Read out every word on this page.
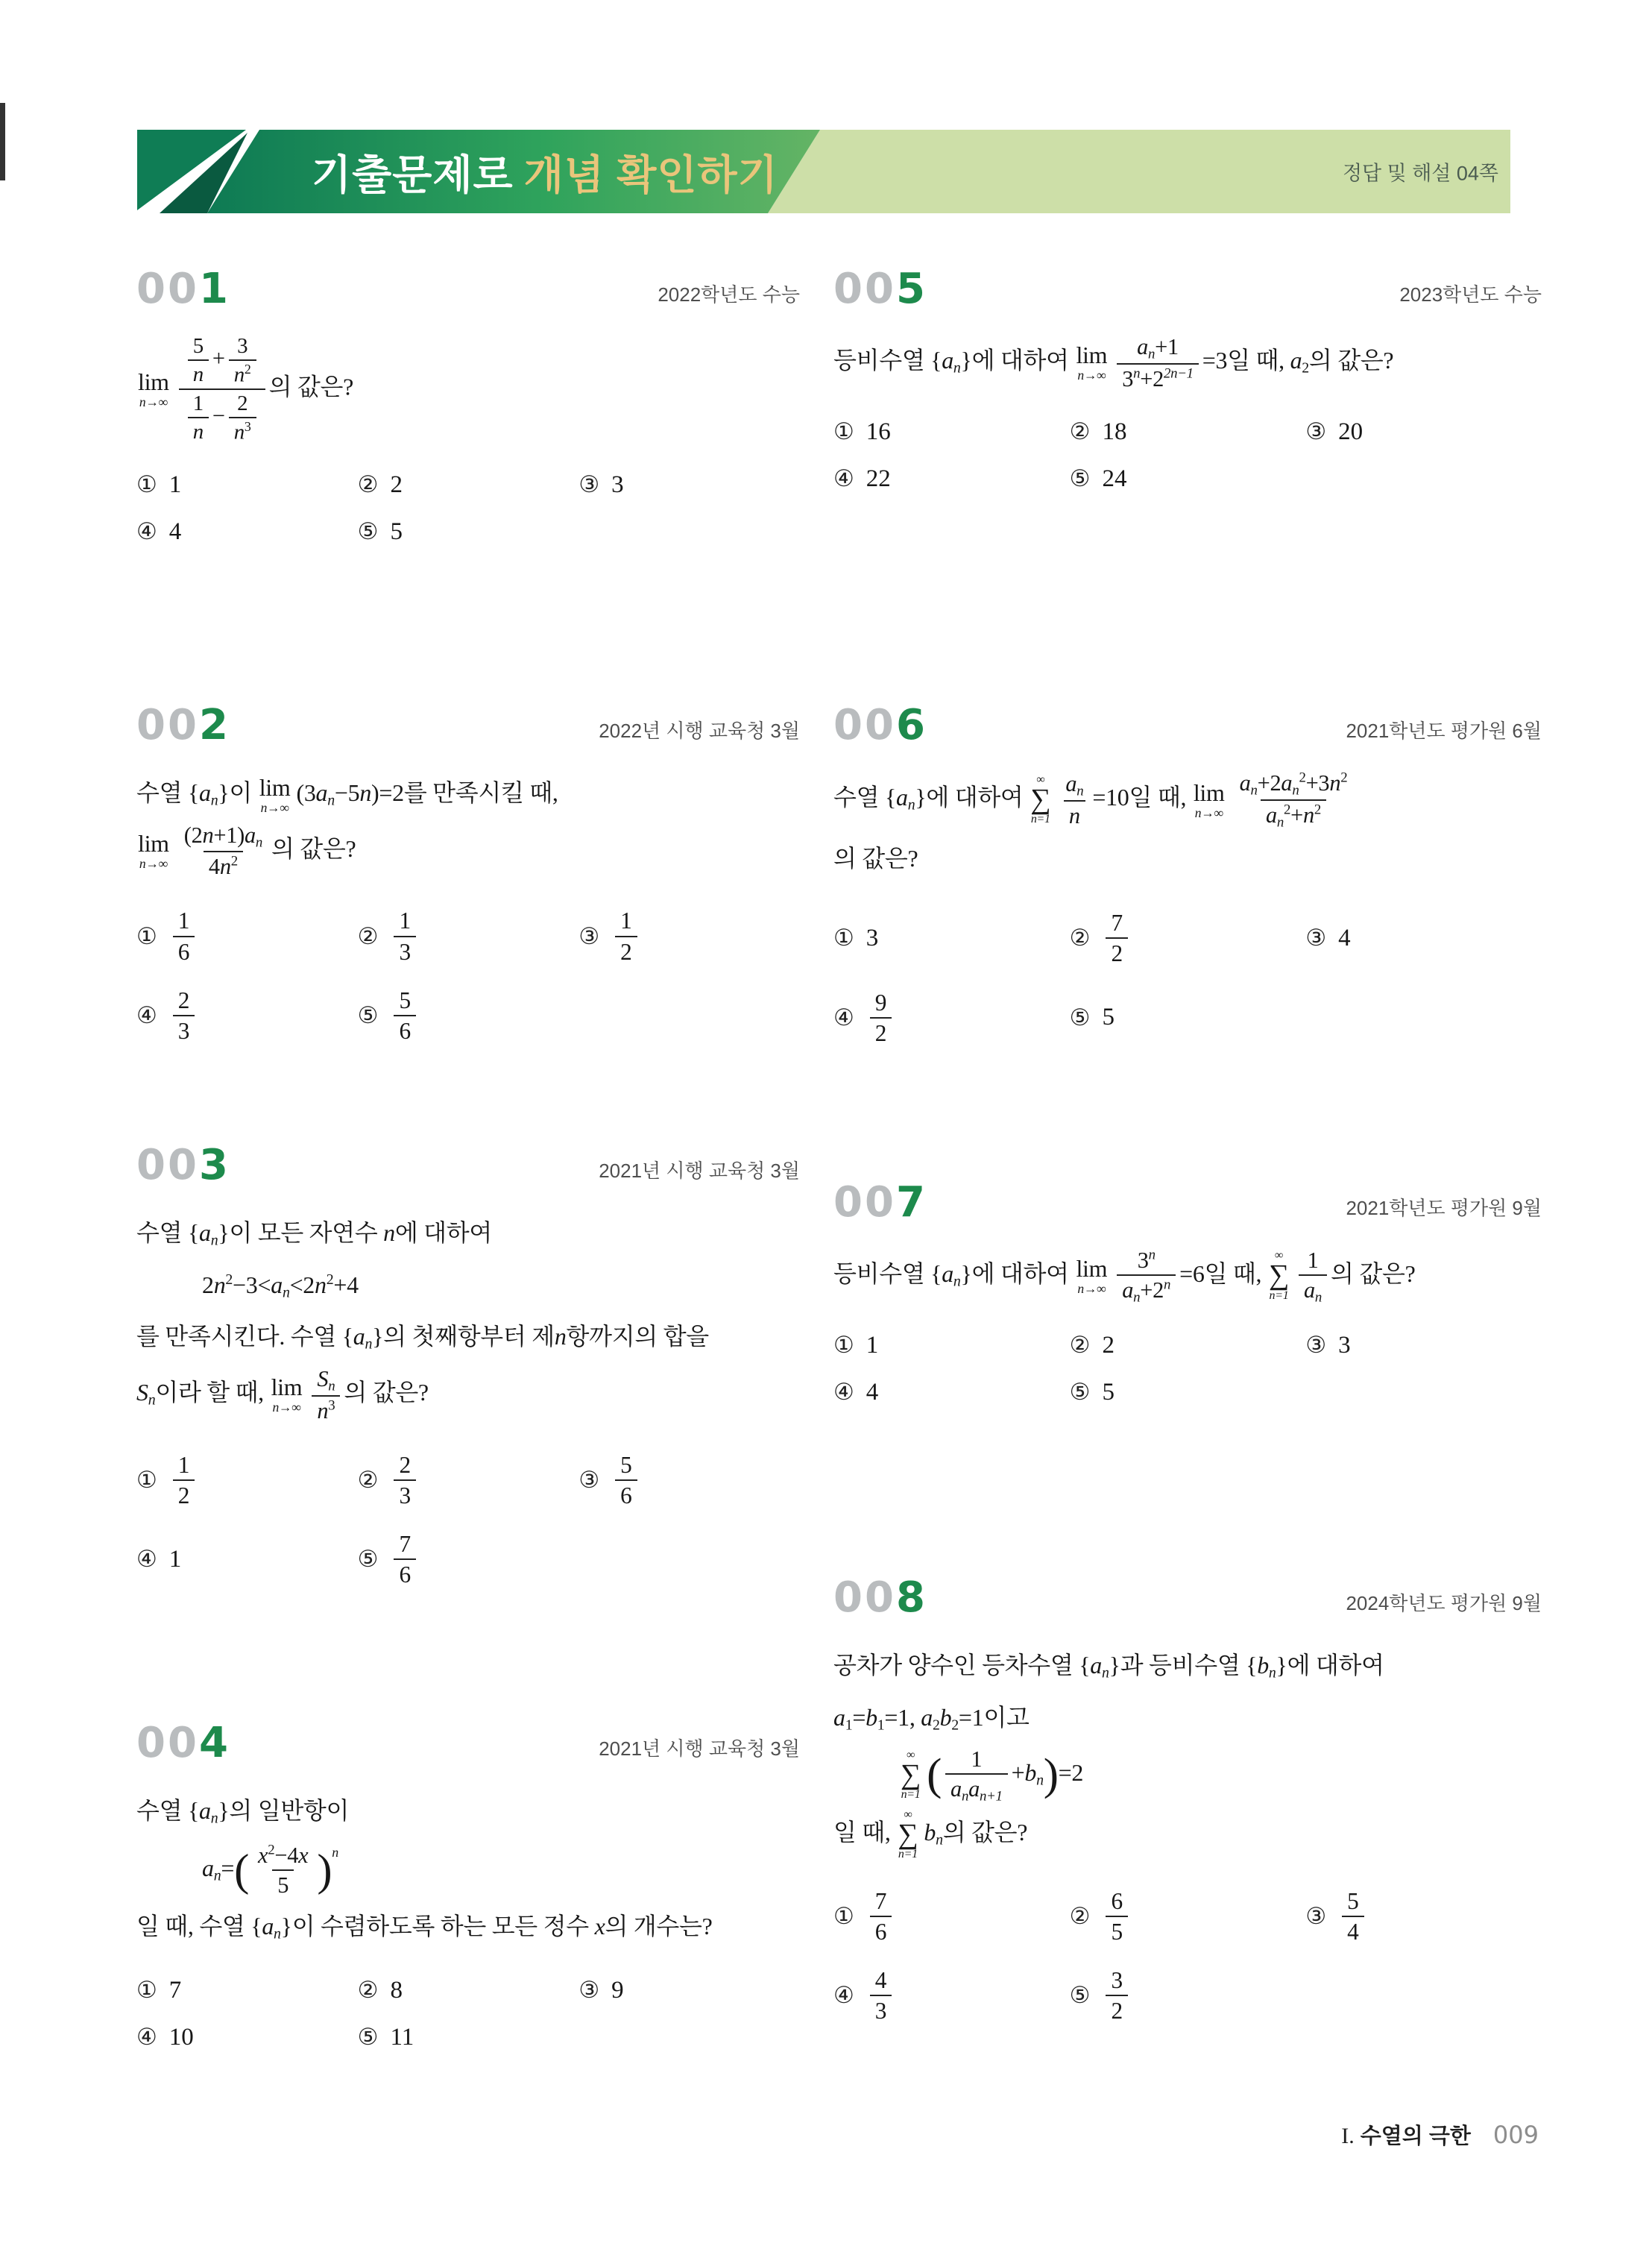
기출문제로 개념 확인하기	정답 및 해설 04쪽
001	2022학년도 수능
lim
$n\to\infty \frac{\frac{5}{n} + \frac{3}{n^2}}{\frac{1}{n} - \frac{2}{n^3}}$ 의 값은?
① 1	② 2	③ 3
④ 4	⑤ 5
002	2022년 시행 교육청 3월
수열 {an}이 lim
n→∞
(3an−5n)=2를 만족시킬 때,
lim
$n\to\infty \frac{(2n+1)an}{4n^2}$ 의 값은?
① $\frac{1}{6}$	② $\frac{1}{3}$	③ $\frac{1}{2}$
④ $\frac{2}{3}$	⑤ $\frac{5}{6}$
003	2021년 시행 교육청 3월
수열 {an}이 모든 자연수 n에 대하여
$2n^2-3<an<2n^2+4$
를 만족시킨다. 수열 {an}의 첫째항부터 제n항까지의 합을
Sn이라 할 때, lim
$n\to\infty \frac{Sn}{n^3}$ 의 값은?
① $\frac{1}{2}$	② $\frac{2}{3}$	③ $\frac{5}{6}$
④ 1	⑤ $\frac{7}{6}$
004	2021년 시행 교육청 3월
수열 {an}의 일반항이
$an=( \frac{x^2-4x}{5} )^n$
일 때, 수열 {an}이 수렴하도록 하는 모든 정수 x의 개수는?
① 7	② 8	③ 9
④ 10	⑤ 11
005	2023학년도 수능
등비수열 {an}에 대하여 lim
$n\to\infty \frac{an+1}{3^n+2^{2n-1}} =3$일 때, a2의 값은?
① 16	② 18	③ 20
④ 22	⑤ 24
006	2021학년도 평가원 6월
수열 {an}에 대하여
∞
∑
$n=1 \frac{an}{n} =10$일 때, lim
$n\to\infty \frac{an+2an^2+3n^2}{an^2+n^2}$
의 값은?
① 3	② $\frac{7}{2}$	③ 4
④ $\frac{9}{2}$	⑤ 5
007	2021학년도 평가원 9월
등비수열 {an}에 대하여 lim
$n\to\infty \frac{3^n}{an+2^n} =6$일 때,
∞
∑
$n=1 \frac{1}{an}$ 의 값은?
① 1	② 2	③ 3
④ 4	⑤ 5
008	2024학년도 평가원 9월
공차가 양수인 등차수열 {an}과 등비수열 {bn}에 대하여
a1=b1=1, a2b2=1이고
∞
∑
n=1 ( $\frac{1}{\text{anan+1}} +bn)=2$
일 때,
∞
∑
n=1
bn의 값은?
① $\frac{7}{6}$	② $\frac{6}{5}$	③ $\frac{5}{4}$
④ $\frac{4}{3}$	⑤ $\frac{3}{2}$
I. 수열의 극한 009
